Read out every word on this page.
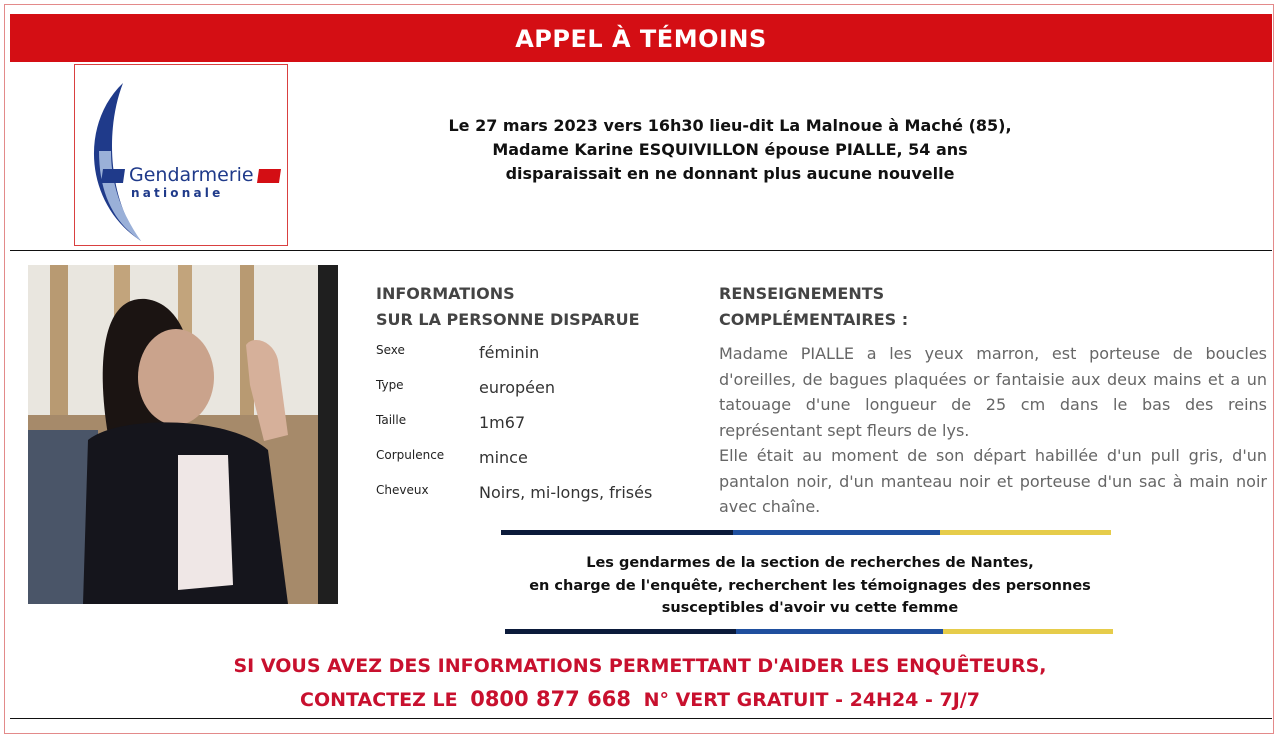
APPEL À TÉMOINS
Gendarmerie
nationale
Le 27 mars 2023 vers 16h30 lieu-dit La Malnoue à Maché (85),
Madame Karine ESQUIVILLON épouse PIALLE, 54 ans
disparaissait en ne donnant plus aucune nouvelle
INFORMATIONS
SUR LA PERSONNE DISPARUE
Sexe	féminin
Type	européen
Taille	1m67
Corpulence mince
Cheveux	Noirs, mi-longs, frisés
RENSEIGNEMENTS
COMPLÉMENTAIRES :

Madame PIALLE a les yeux marron, est porteuse de boucles d'oreilles, de bagues plaquées or fantaisie aux deux mains et a un tatouage d'une longueur de 25 cm dans le bas des reins représentant sept fleurs de lys.

Elle était au moment de son départ habillée d'un pull gris, d'un pantalon noir, d'un manteau noir et porteuse d'un sac à main noir avec chaîne.

Les gendarmes de la section de recherches de Nantes,
en charge de l'enquête, recherchent les témoignages des personnes
susceptibles d'avoir vu cette femme
SI VOUS AVEZ DES INFORMATIONS PERMETTANT D'AIDER LES ENQUÊTEURS,
CONTACTEZ LE 0800 877 668 N° VERT GRATUIT - 24H24 - 7J/7
